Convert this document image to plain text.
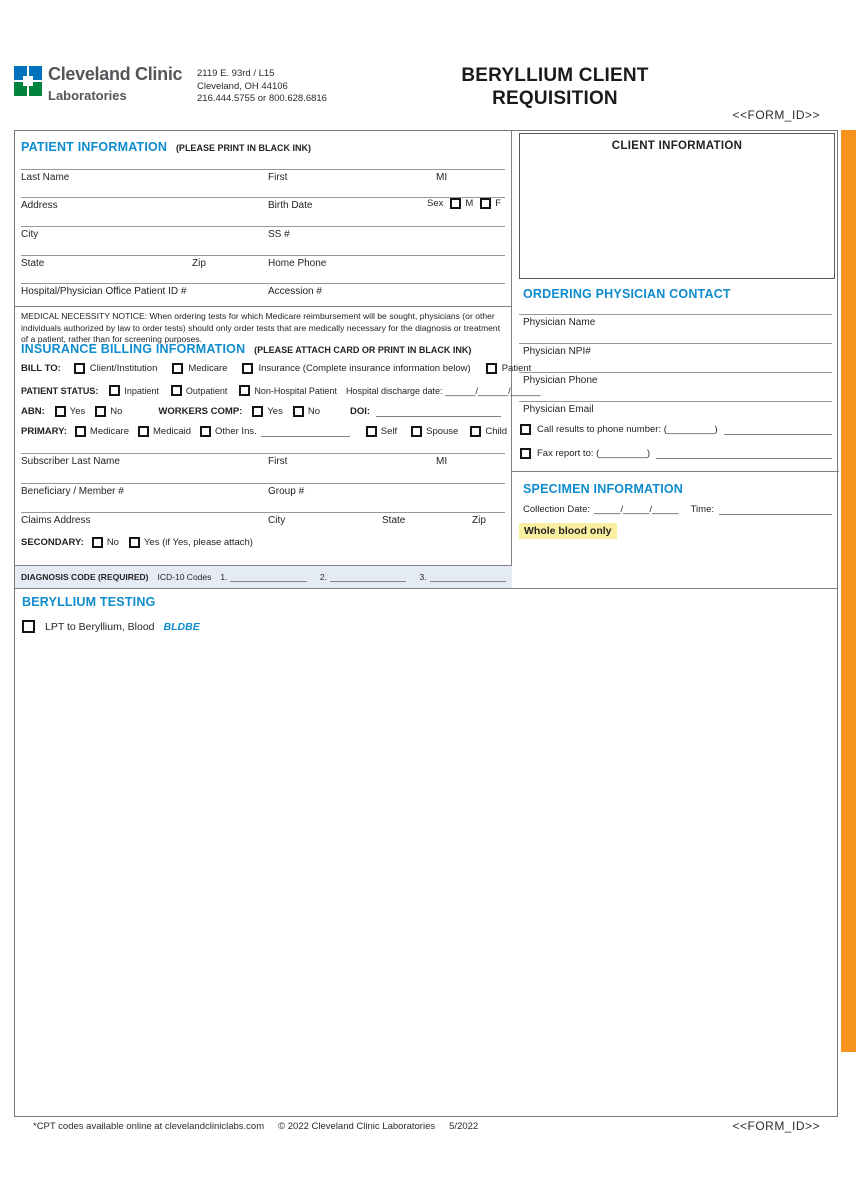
Cleveland Clinic
Laboratories
2119 E. 93rd / L15
Cleveland, OH 44106
216.444.5755 or 800.628.6816
BERYLLIUM CLIENT
REQUISITION
<<FORM_ID>>
PATIENT INFORMATION (PLEASE PRINT IN BLACK INK)
Last Name	First	MI
Address	Birth Date	Sex M F
City	SS #
State	Zip	Home Phone
Hospital/Physician Office Patient ID #	Accession #
MEDICAL NECESSITY NOTICE: When ordering tests for which Medicare reimbursement will be sought, physicians (or other individuals authorized by law to order tests) should only order tests that are medically necessary for the diagnosis or treatment of a patient, rather than for screening purposes.
INSURANCE BILLING INFORMATION (PLEASE ATTACH CARD OR PRINT IN BLACK INK)
BILL TO:	Client/Institution	Medicare	Insurance (Complete insurance information below)	Patient
PATIENT STATUS:	Inpatient	Outpatient	Non-Hospital Patient Hospital discharge date: ______/______/______
ABN:	Yes	No	WORKERS COMP:	Yes	No	DOI:
PRIMARY: Medicare	Medicaid	Other Ins.	Self	Spouse	Child
Subscriber Last Name	First	MI
Beneficiary / Member #	Group #
Claims Address	City	State	Zip
SECONDARY: No	Yes (if Yes, please attach)
DIAGNOSIS CODE (REQUIRED) ICD-10 Codes 1.	2.	3.
CLIENT INFORMATION
ORDERING PHYSICIAN CONTACT
Physician Name
Physician NPI#
Physician Phone
Physician Email
Call results to phone number: (_________)
Fax report to: (_________)
SPECIMEN INFORMATION
Collection Date: _____/_____/_____ Time:
Whole blood only
BERYLLIUM TESTING
LPT to Beryllium, Blood BLDBE
*CPT codes available online at clevelandcliniclabs.com © 2022 Cleveland Clinic Laboratories 5/2022	<<FORM_ID>>
